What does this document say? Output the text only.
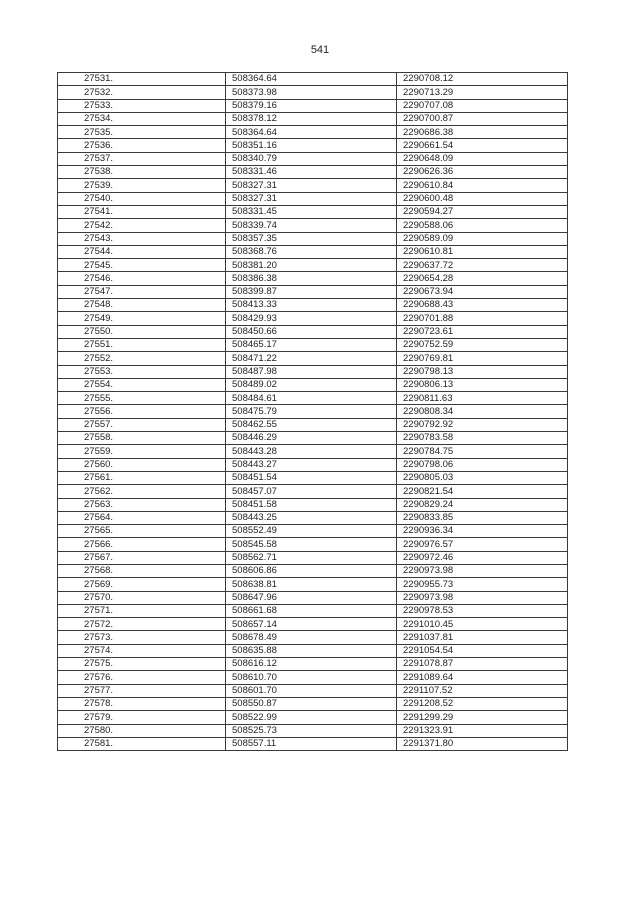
541
27531.	508364.64	2290708.12
27532.	508373.98	2290713.29
27533.	508379.16	2290707.08
27534.	508378.12	2290700.87
27535.	508364.64	2290686.38
27536.	508351.16	2290661.54
27537.	508340.79	2290648.09
27538.	508331.46	2290626.36
27539.	508327.31	2290610.84
27540.	508327.31	2290600.48
27541.	508331.45	2290594.27
27542.	508339.74	2290588.06
27543.	508357.35	2290589.09
27544.	508368.76	2290610.81
27545.	508381.20	2290637.72
27546.	508386.38	2290654.28
27547.	508399.87	2290673.94
27548.	508413.33	2290688.43
27549.	508429.93	2290701.88
27550.	508450.66	2290723.61
27551.	508465.17	2290752.59
27552.	508471.22	2290769.81
27553.	508487.98	2290798.13
27554.	508489.02	2290806.13
27555.	508484.61	2290811.63
27556.	508475.79	2290808.34
27557.	508462.55	2290792.92
27558.	508446.29	2290783.58
27559.	508443.28	2290784.75
27560.	508443.27	2290798.06
27561.	508451.54	2290805.03
27562.	508457.07	2290821.54
27563.	508451.58	2290829.24
27564.	508443.25	2290833.85
27565.	508552.49	2290936.34
27566.	508545.58	2290976.57
27567.	508562.71	2290972.46
27568.	508606.86	2290973.98
27569.	508638.81	2290955.73
27570.	508647.96	2290973.98
27571.	508661.68	2290978.53
27572.	508657.14	2291010.45
27573.	508678.49	2291037.81
27574.	508635.88	2291054.54
27575.	508616.12	2291078.87
27576.	508610.70	2291089.64
27577.	508601.70	2291107.52
27578.	508550.87	2291208.52
27579.	508522.99	2291299.29
27580.	508525.73	2291323.91
27581.	508557.11	2291371.80
